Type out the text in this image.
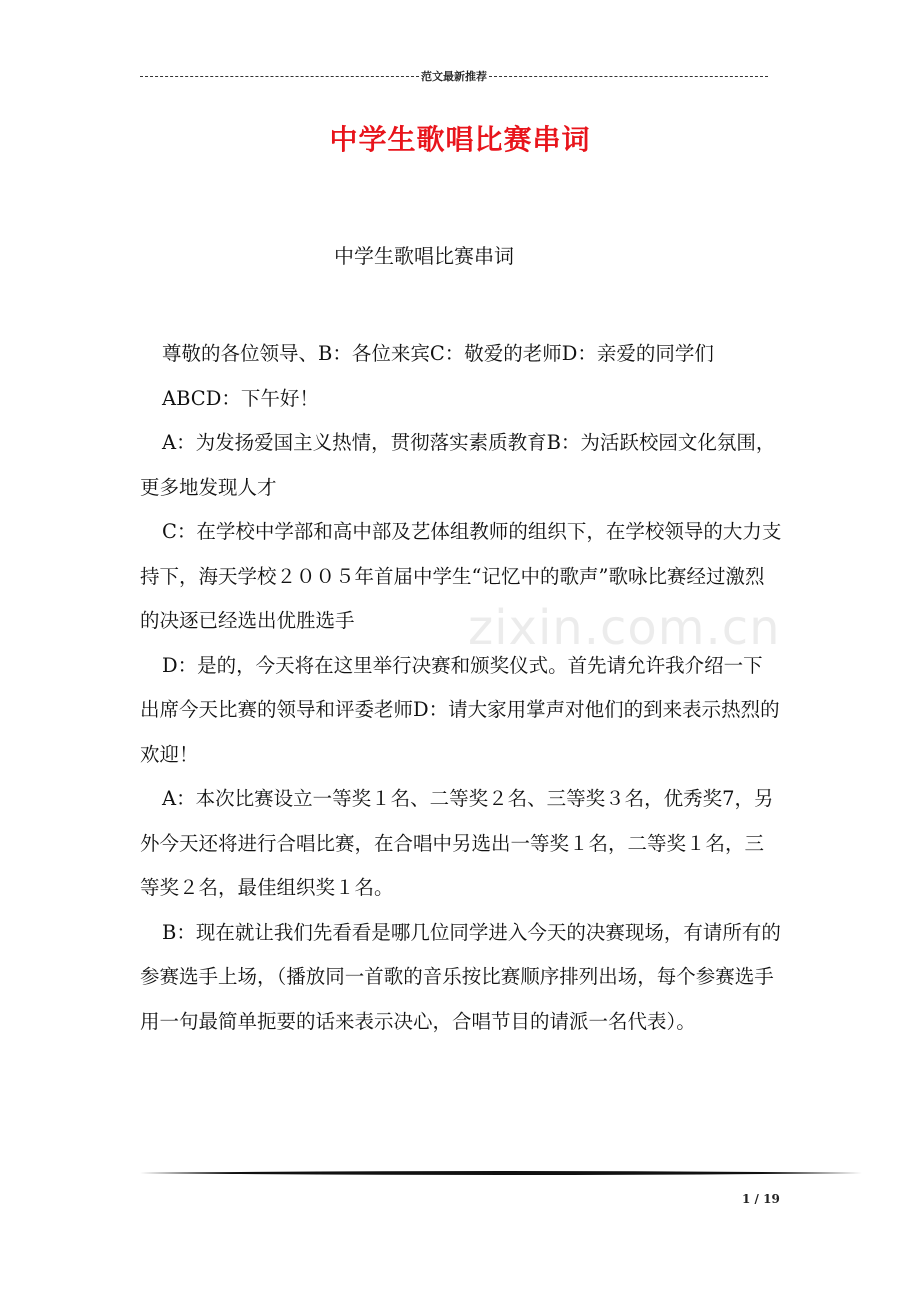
范文最新推荐
中学生歌唱比赛串词
中学生歌唱比赛串词

尊敬的各位领导、B：各位来宾C：敬爱的老师D：亲爱的同学们

ABCD：下午好！

A：为发扬爱国主义热情，贯彻落实素质教育B：为活跃校园文化氛围，更多地发现人才

C：在学校中学部和高中部及艺体组教师的组织下，在学校领导的大力支持下，海天学校２００５年首届中学生“记忆中的歌声”歌咏比赛经过激烈的决逐已经选出优胜选手

D：是的，今天将在这里举行决赛和颁奖仪式。首先请允许我介绍一下出席今天比赛的领导和评委老师D：请大家用掌声对他们的到来表示热烈的欢迎！

A：本次比赛设立一等奖１名、二等奖２名、三等奖３名，优秀奖7，另外今天还将进行合唱比赛，在合唱中另选出一等奖１名，二等奖１名，三等奖２名，最佳组织奖１名。

B：现在就让我们先看看是哪几位同学进入今天的决赛现场，有请所有的参赛选手上场，（播放同一首歌的音乐按比赛顺序排列出场，每个参赛选手用一句最简单扼要的话来表示决心，合唱节目的请派一名代表）。

zixin.com.cn
1 / 19
